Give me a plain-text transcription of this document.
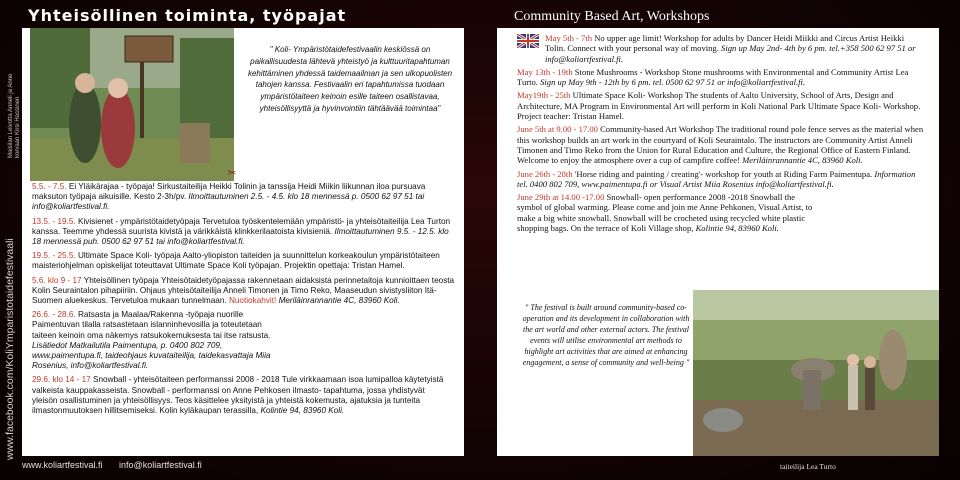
www.facebook.com/KoliYmparistotaidefestivaali
Maisilan Leivotta Anneli ja Anne korvaan Kirsi Hassinen
Yhteisöllinen toiminta, työpajat	Community Based Art, Workshops
✂
" Koli- Ympäristötaidefestivaalin keskiössä on paikallisuudesta lähtevä yhteistyö ja kulttuuritapahtuman kehittäminen yhdessä taidemaailman ja sen ulkopuolisten tahojen kanssa. Festivaalin eri tapahtumissa tuodaan ympäristötaiteen keinoin esille taiteen osallistavaa, yhteisöllisyyttä ja hyvinvointiin tähtäävää toimintaa"
5.5. - 7.5. Ei Yläikärajaa - työpaja! Sirkustaiteilija Heikki Tolinin ja tanssija Heidi Miikin liikunnan iloa pursuava maksuton työpaja aikuisille. Kesto 2-3h/pv. Ilmoittautuminen 2.5. - 4.5. klo 18 mennessä p. 0500 62 97 51 tai info@koliartfestival.fi.
13.5. - 19.5. Kivisienet - ympäristötaidetyöpaja Tervetuloa työskentelemään ympäristö- ja yhteisötaiteilija Lea Turton kanssa. Teemme yhdessä suurista kivistä ja värikkäistä klinkkerilaatoista kivisieniä. Ilmoittautuminen 9.5. - 12.5. klo 18 mennessä puh. 0500 62 97 51 tai info@koliartfestival.fi.
19.5. - 25.5. Ultimate Space Koli- työpaja Aalto-yliopiston taiteiden ja suunnittelun korkeakoulun ympäristötaiteen maisteriohjelman opiskelijat toteuttavat Ultimate Space Koli työpajan. Projektin opettaja: Tristan Hamel.
5.6. klo 9 - 17 Yhteisöllinen työpaja Yhteisötaidetyöpajassa rakennetaan aidaksista perinnetaitoja kunnioittaen teosta Kolin Seuraintalon pihapiiriin. Ohjaus yhteisötaiteilija Anneli Timonen ja Timo Reko, Maaseudun sivistysliiton Itä-Suomen aluekeskus. Tervetuloa mukaan tunnelmaan. Nuotiokahvit! Meriläinrannantie 4C, 83960 Koli.
26.6. - 28.6. Ratsasta ja Maalaa/Rakenna -työpaja nuorille Paimentuvan tilalla ratsastetaan islanninhevosilla ja toteutetaan taiteen keinoin oma näkemys ratsukokemuksesta tai itse ratsusta. Lisätiedot Matkailutila Paimentupa, p. 0400 802 709, www.paimentupa.fi, taideohjaus kuvataiteilija, taidekasvattaja Miia Rosenius, info@koliartfestival.fi.
29.6. klo 14 - 17 Snowball - yhteisötaiteen performanssi 2008 - 2018 Tule virkkaamaan isoa lumipalloa käytetyistä valkeista kauppakasseista. Snowball - performanssi on Anne Pehkosen ilmasto- tapahtuma, jossa yhdistyvät yleisön osallistuminen ja yhteisöllisyys. Teos käsittelee yksityistä ja yhteistä kokemusta, ajatuksia ja tunteita ilmastonmuutoksen hillitsemiseksi. Kolin kyläkaupan terassilla, Kolintie 94, 83960 Koli.
May 5th - 7th No upper age limit! Workshop for adults by Dancer Heidi Miikki and Circus Artist Heikki Tolin. Connect with your personal way of moving. Sign up May 2nd- 4th by 6 pm. tel.+358 500 62 97 51 or info@koliartfestival.fi.
May 13th - 19th Stone Mushrooms - Workshop Stone mushrooms with Environmental and Community Artist Lea Turto. Sign up May 9th - 12th by 6 pm. tel. 0500 62 97 51 or info@koliartfestival.fi.
May19th - 25th Ultimate Space Koli- Workshop The students of Aalto University, School of Arts, Design and Architecture, MA Program in Environmental Art will perform in Koli National Park Ultimate Space Koli- Workshop. Project teacher: Tristan Hamel.
June 5th at 9.00 - 17.00 Community-based Art Workshop The traditional round pole fence serves as the material when this workshop builds an art work in the courtyard of Koli Seuraintalo. The instructors are Community Artist Anneli Timonen and Timo Reko from the Union for Rural Education and Culture, the Regional Office of Eastern Finland. Welcome to enjoy the atmosphere over a cup of campfire coffee! Meriläinrannantie 4C, 83960 Koli.
June 26th - 28th 'Horse riding and painting / creating'- workshop for youth at Riding Farm Paimentupa. Information tel. 0400 802 709, www.paimentupa.fi or Visual Artist Miia Rosenius info@koliartfestival.fi.
June 29th at 14.00 -17.00 Snowball- open performance 2008 -2018 Snowball the symbol of global warming. Please come and join me Anne Pehkonen, Visual Artist, to make a big white snowball. Snowball will be crocheted using recycled white plastic shopping bags. On the terrace of Koli Village shop, Kolintie 94, 83960 Koli.
" The festival is built around community-based co-operation and its development in collaboration with the art world and other external actors. The festival events will utilise environmental art methods to highlight art activities that are aimed at enhancing engagement, a sense of community and well-being "
www.koliartfestival.fi info@koliartfestival.fi	taiteilija Lea Turto
